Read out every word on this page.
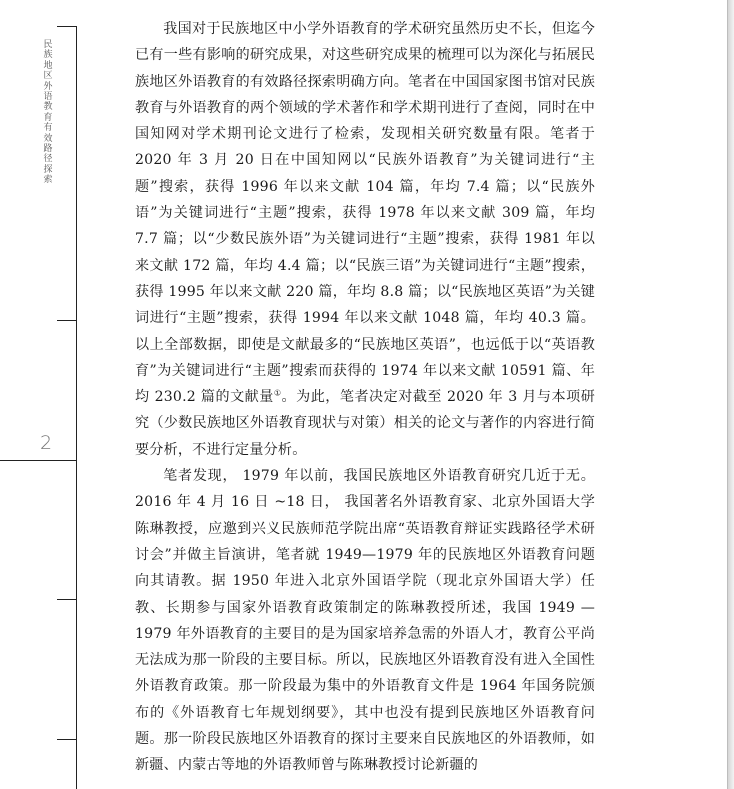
民族地区外语教育有效路径探索
2

我国对于民族地区中小学外语教育的学术研究虽然历史不长，但迄今已有一些有影响的研究成果，对这些研究成果的梳理可以为深化与拓展民族地区外语教育的有效路径探索明确方向。笔者在中国国家图书馆对民族教育与外语教育的两个领域的学术著作和学术期刊进行了查阅，同时在中国知网对学术期刊论文进行了检索，发现相关研究数量有限。笔者于 2020 年 3 月 20 日在中国知网以“民族外语教育”为关键词进行“主题”搜索，获得 1996 年以来文献 104 篇，年均 7.4 篇；以“民族外语”为关键词进行“主题”搜索，获得 1978 年以来文献 309 篇，年均 7.7 篇；以“少数民族外语”为关键词进行“主题”搜索，获得 1981 年以来文献 172 篇，年均 4.4 篇；以“民族三语”为关键词进行“主题”搜索，获得 1995 年以来文献 220 篇，年均 8.8 篇；以“民族地区英语”为关键词进行“主题”搜索，获得 1994 年以来文献 1048 篇，年均 40.3 篇。以上全部数据，即使是文献最多的“民族地区英语”，也远低于以“英语教育”为关键词进行“主题”搜索而获得的 1974 年以来文献 10591 篇、年均 230.2 篇的文献量①。为此，笔者决定对截至 2020 年 3 月与本项研究（少数民族地区外语教育现状与对策）相关的论文与著作的内容进行简要分析，不进行定量分析。

笔者发现， 1979 年以前，我国民族地区外语教育研究几近于无。2016 年 4 月 16 日 ~18 日， 我国著名外语教育家、北京外国语大学陈琳教授，应邀到兴义民族师范学院出席“英语教育辩证实践路径学术研讨会”并做主旨演讲，笔者就 1949—1979 年的民族地区外语教育问题向其请教。据 1950 年进入北京外国语学院（现北京外国语大学）任教、长期参与国家外语教育政策制定的陈琳教授所述，我国 1949 — 1979 年外语教育的主要目的是为国家培养急需的外语人才，教育公平尚无法成为那一阶段的主要目标。所以，民族地区外语教育没有进入全国性外语教育政策。那一阶段最为集中的外语教育文件是 1964 年国务院颁布的《外语教育七年规划纲要》，其中也没有提到民族地区外语教育问题。那一阶段民族地区外语教育的探讨主要来自民族地区的外语教师，如新疆、内蒙古等地的外语教师曾与陈琳教授讨论新疆的
